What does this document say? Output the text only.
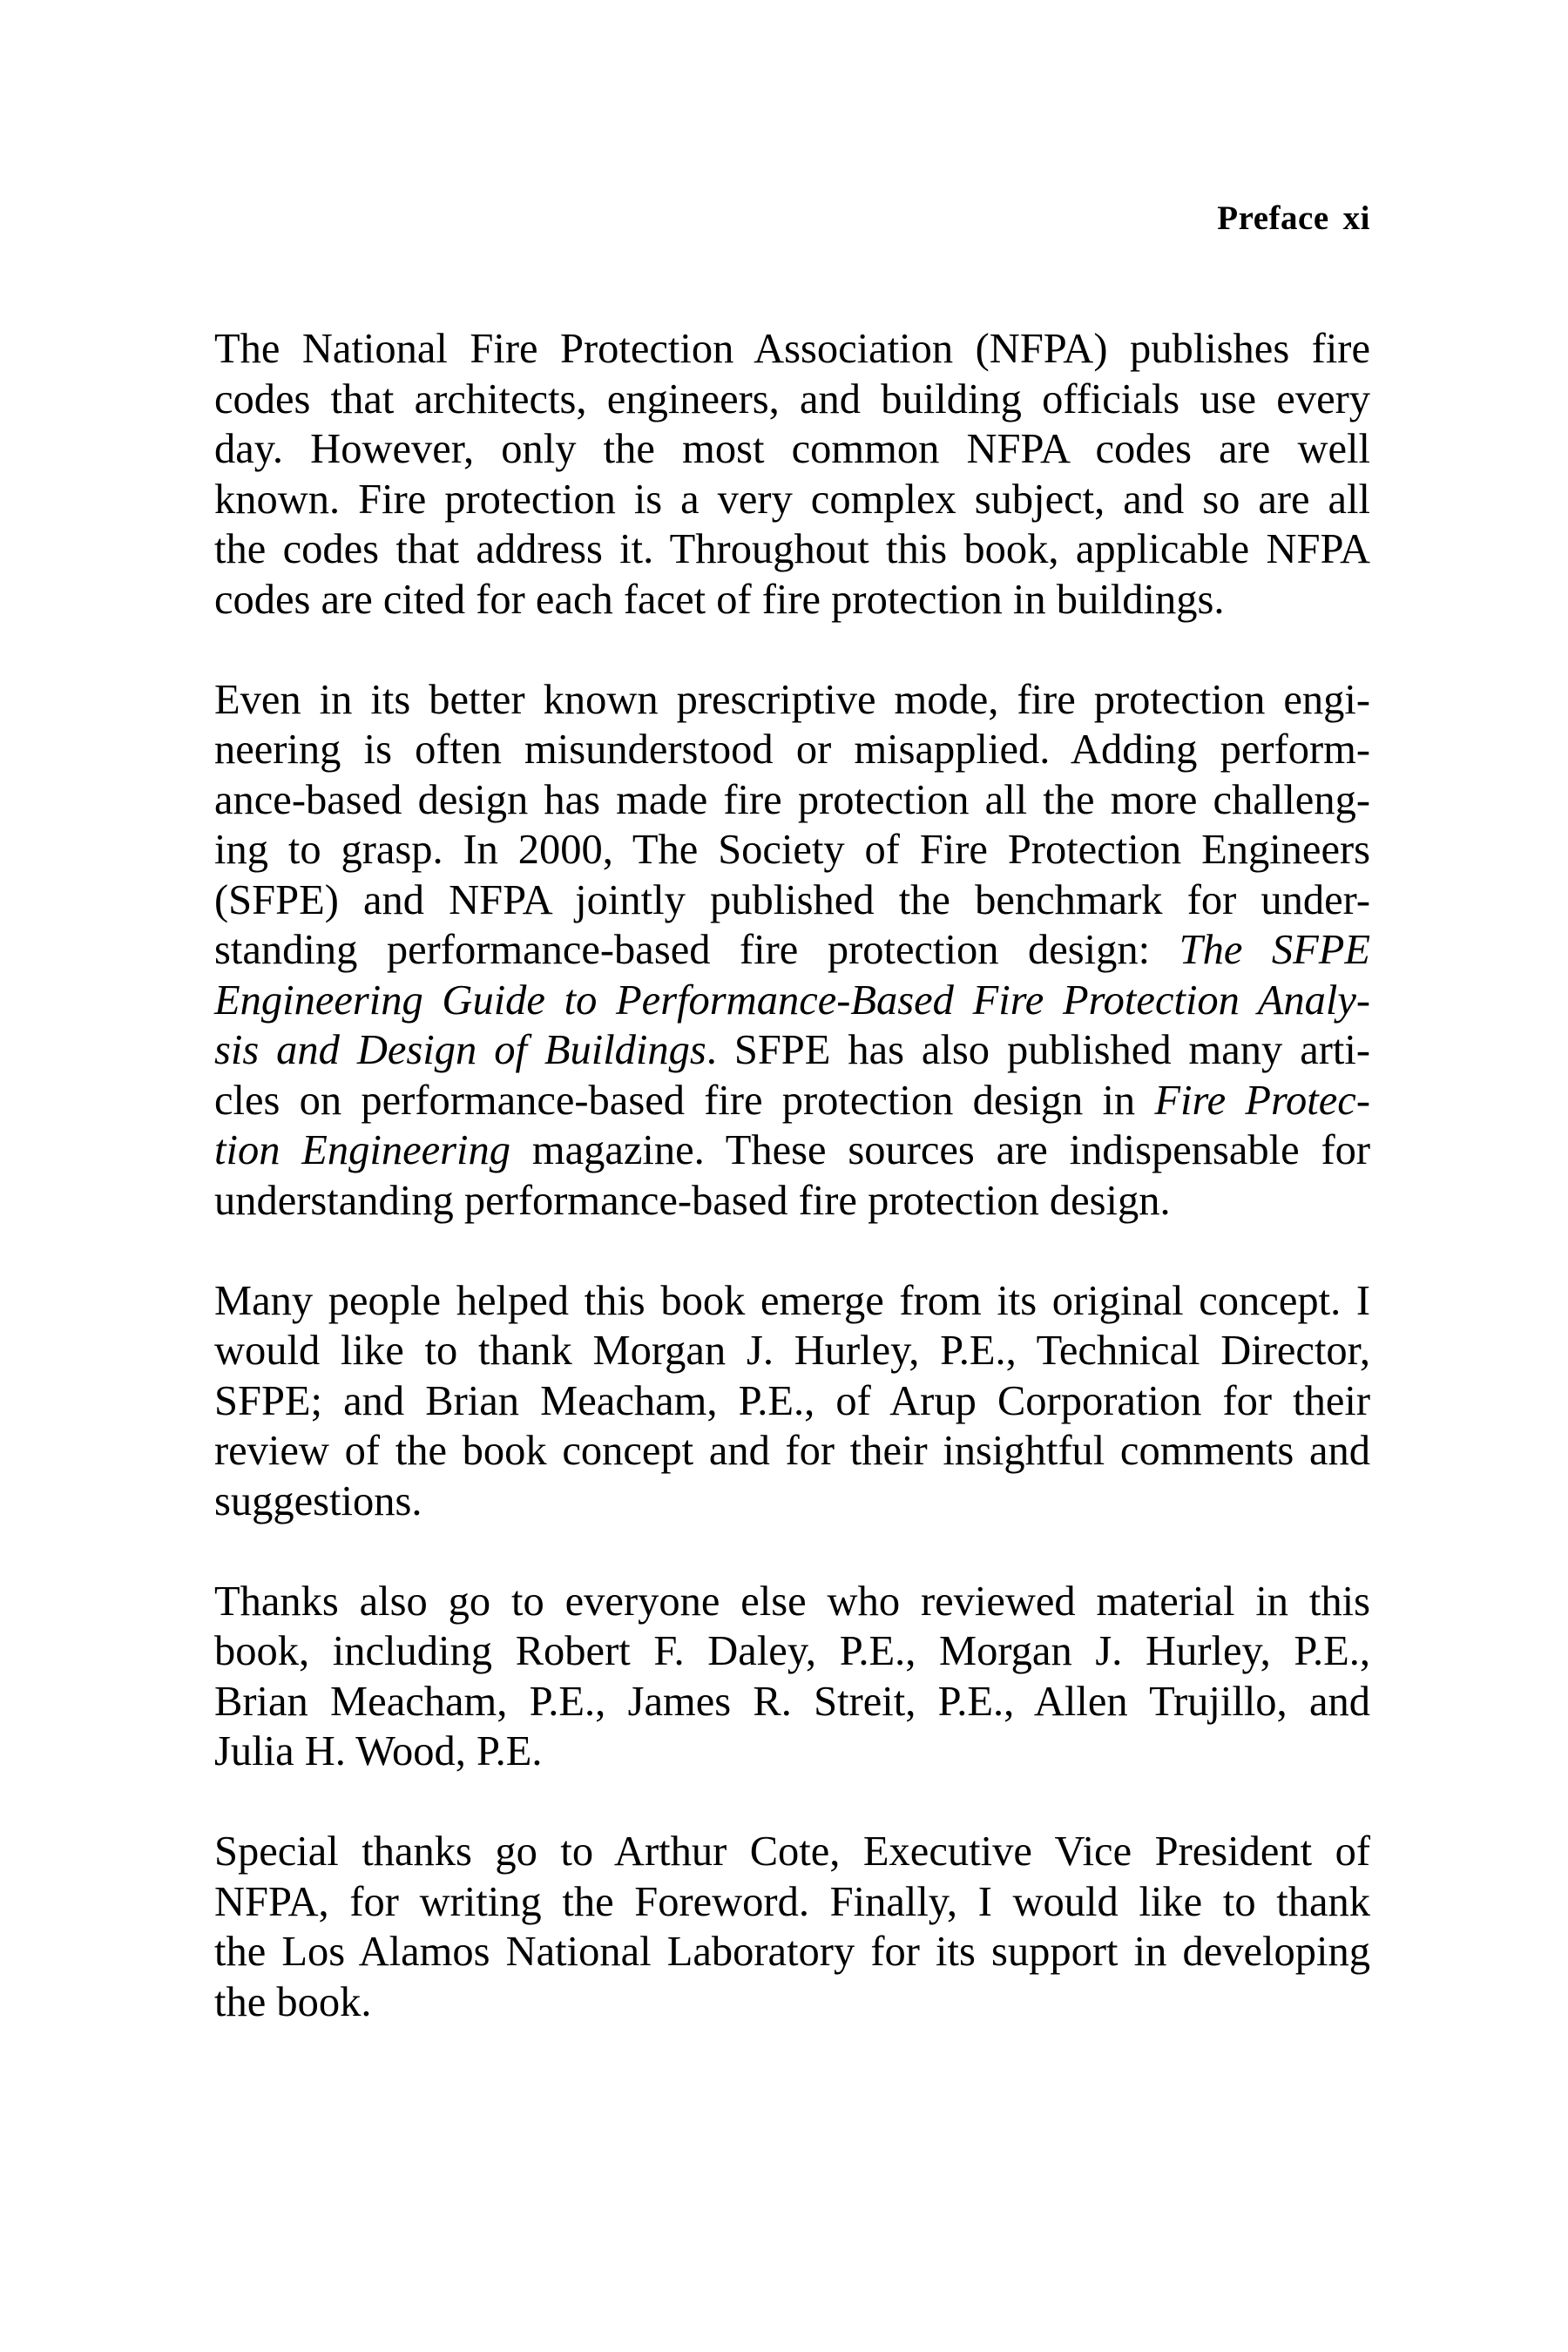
Preface xi
The National Fire Protection Association (NFPA) publishes fire
codes that architects, engineers, and building officials use every
day. However, only the most common NFPA codes are well
known. Fire protection is a very complex subject, and so are all
the codes that address it. Throughout this book, applicable NFPA
codes are cited for each facet of fire protection in buildings.
Even in its better known prescriptive mode, fire protection engi-
neering is often misunderstood or misapplied. Adding perform-
ance-based design has made fire protection all the more challeng-
ing to grasp. In 2000, The Society of Fire Protection Engineers
(SFPE) and NFPA jointly published the benchmark for under-
standing performance-based fire protection design: The SFPE
Engineering Guide to Performance-Based Fire Protection Analy-
sis and Design of Buildings. SFPE has also published many arti-
cles on performance-based fire protection design in Fire Protec-
tion Engineering magazine. These sources are indispensable for
understanding performance-based fire protection design.
Many people helped this book emerge from its original concept. I
would like to thank Morgan J. Hurley, P.E., Technical Director,
SFPE; and Brian Meacham, P.E., of Arup Corporation for their
review of the book concept and for their insightful comments and
suggestions.
Thanks also go to everyone else who reviewed material in this
book, including Robert F. Daley, P.E., Morgan J. Hurley, P.E.,
Brian Meacham, P.E., James R. Streit, P.E., Allen Trujillo, and
Julia H. Wood, P.E.
Special thanks go to Arthur Cote, Executive Vice President of
NFPA, for writing the Foreword. Finally, I would like to thank
the Los Alamos National Laboratory for its support in developing
the book.
